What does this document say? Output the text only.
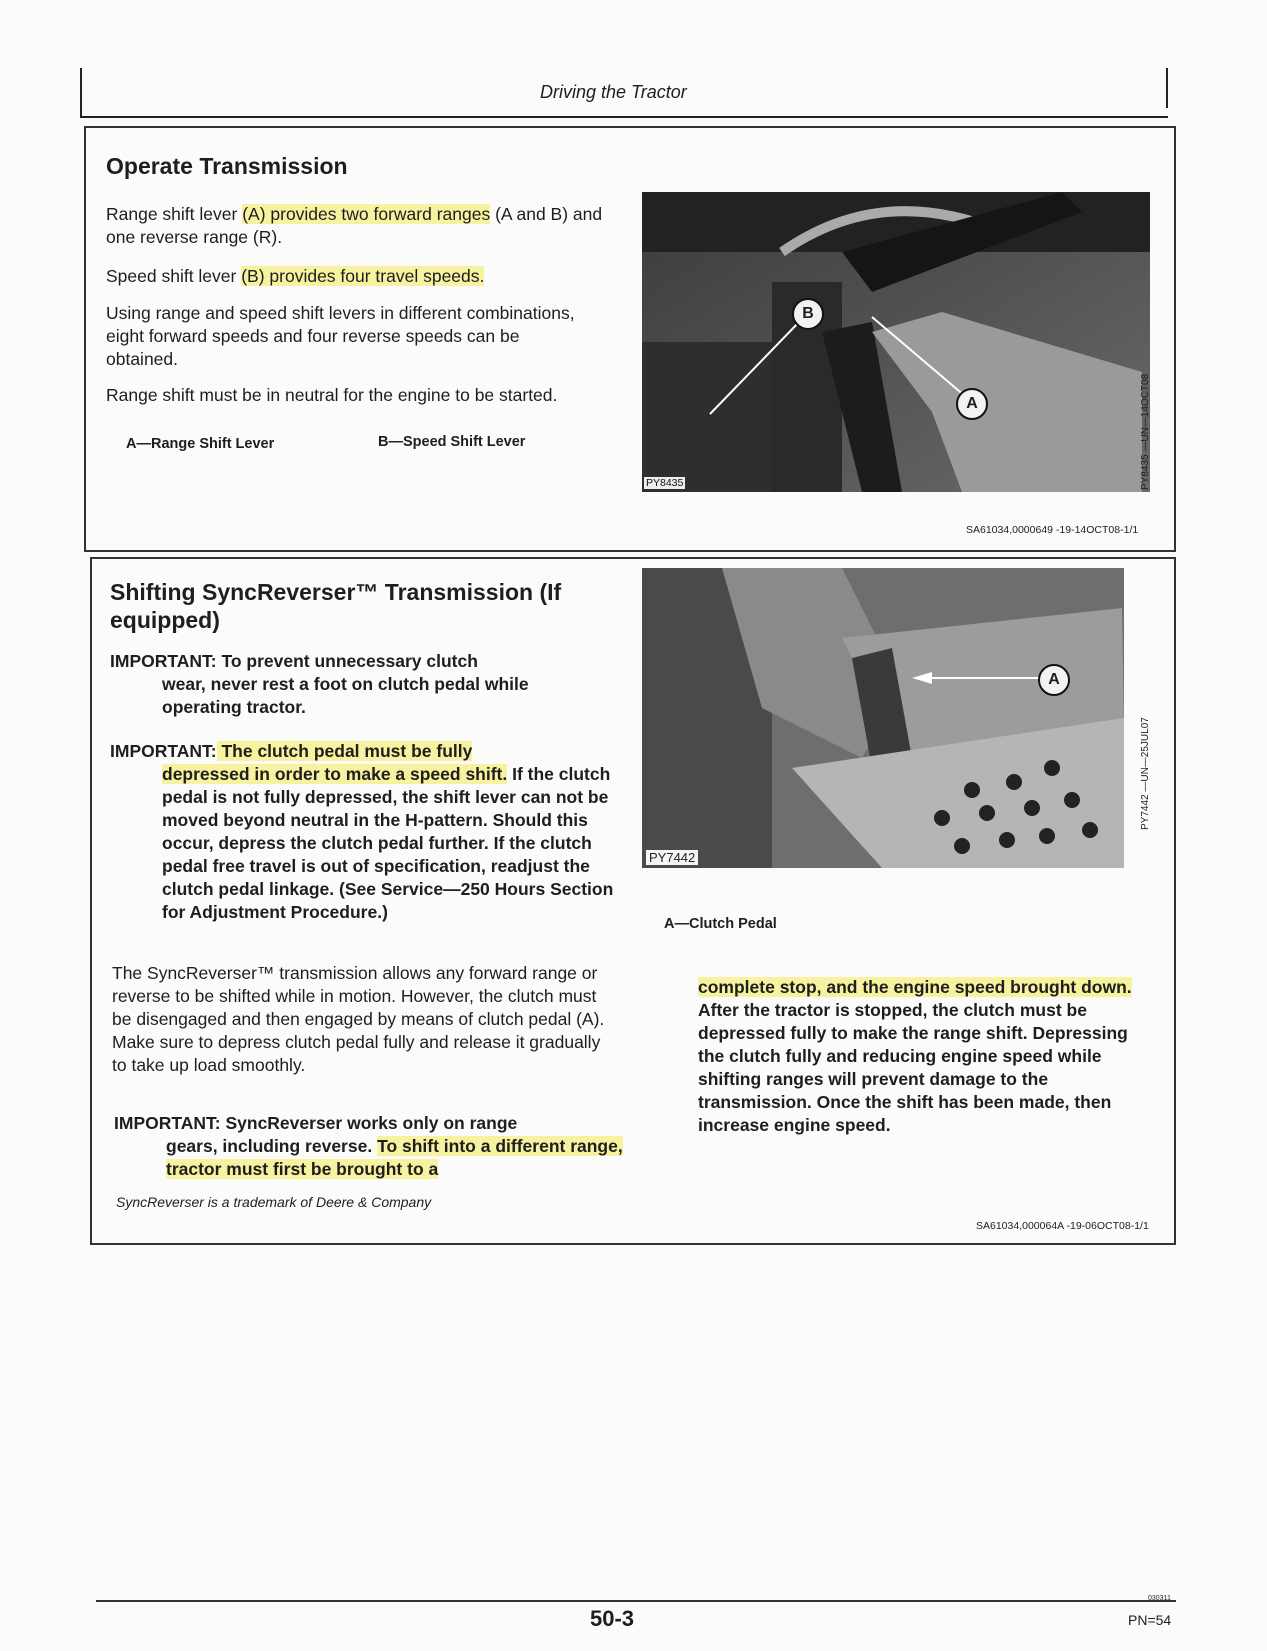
Driving the Tractor
Operate Transmission
Range shift lever (A) provides two forward ranges (A and B) and one reverse range (R).
Speed shift lever (B) provides four travel speeds.
Using range and speed shift levers in different combinations, eight forward speeds and four reverse speeds can be obtained.
Range shift must be in neutral for the engine to be started.
A—Range Shift Lever	B—Speed Shift Lever
B
A
PY8435	PY8435 —UN—14OCT08
SA61034,0000649 -19-14OCT08-1/1
Shifting SyncReverser™ Transmission (If equipped)
IMPORTANT: To prevent unnecessary clutch
wear, never rest a foot on clutch pedal while operating tractor.
IMPORTANT: The clutch pedal must be fully
depressed in order to make a speed shift. If the clutch pedal is not fully depressed, the shift lever can not be moved beyond neutral in the H-pattern. Should this occur, depress the clutch pedal further. If the clutch pedal free travel is out of specification, readjust the clutch pedal linkage. (See Service—250 Hours Section for Adjustment Procedure.)
The SyncReverser™ transmission allows any forward range or reverse to be shifted while in motion. However, the clutch must be disengaged and then engaged by means of clutch pedal (A). Make sure to depress clutch pedal fully and release it gradually to take up load smoothly.
IMPORTANT: SyncReverser works only on range
gears, including reverse. To shift into a different range, tractor must first be brought to a
complete stop, and the engine speed brought down. After the tractor is stopped, the clutch must be depressed fully to make the range shift. Depressing the clutch fully and reducing engine speed while shifting ranges will prevent damage to the transmission. Once the shift has been made, then increase engine speed.
SyncReverser is a trademark of Deere & Company
A
PY7442
PY7442 —UN—25JUL07
A—Clutch Pedal
SA61034,000064A -19-06OCT08-1/1
50-3
030311
PN=54
